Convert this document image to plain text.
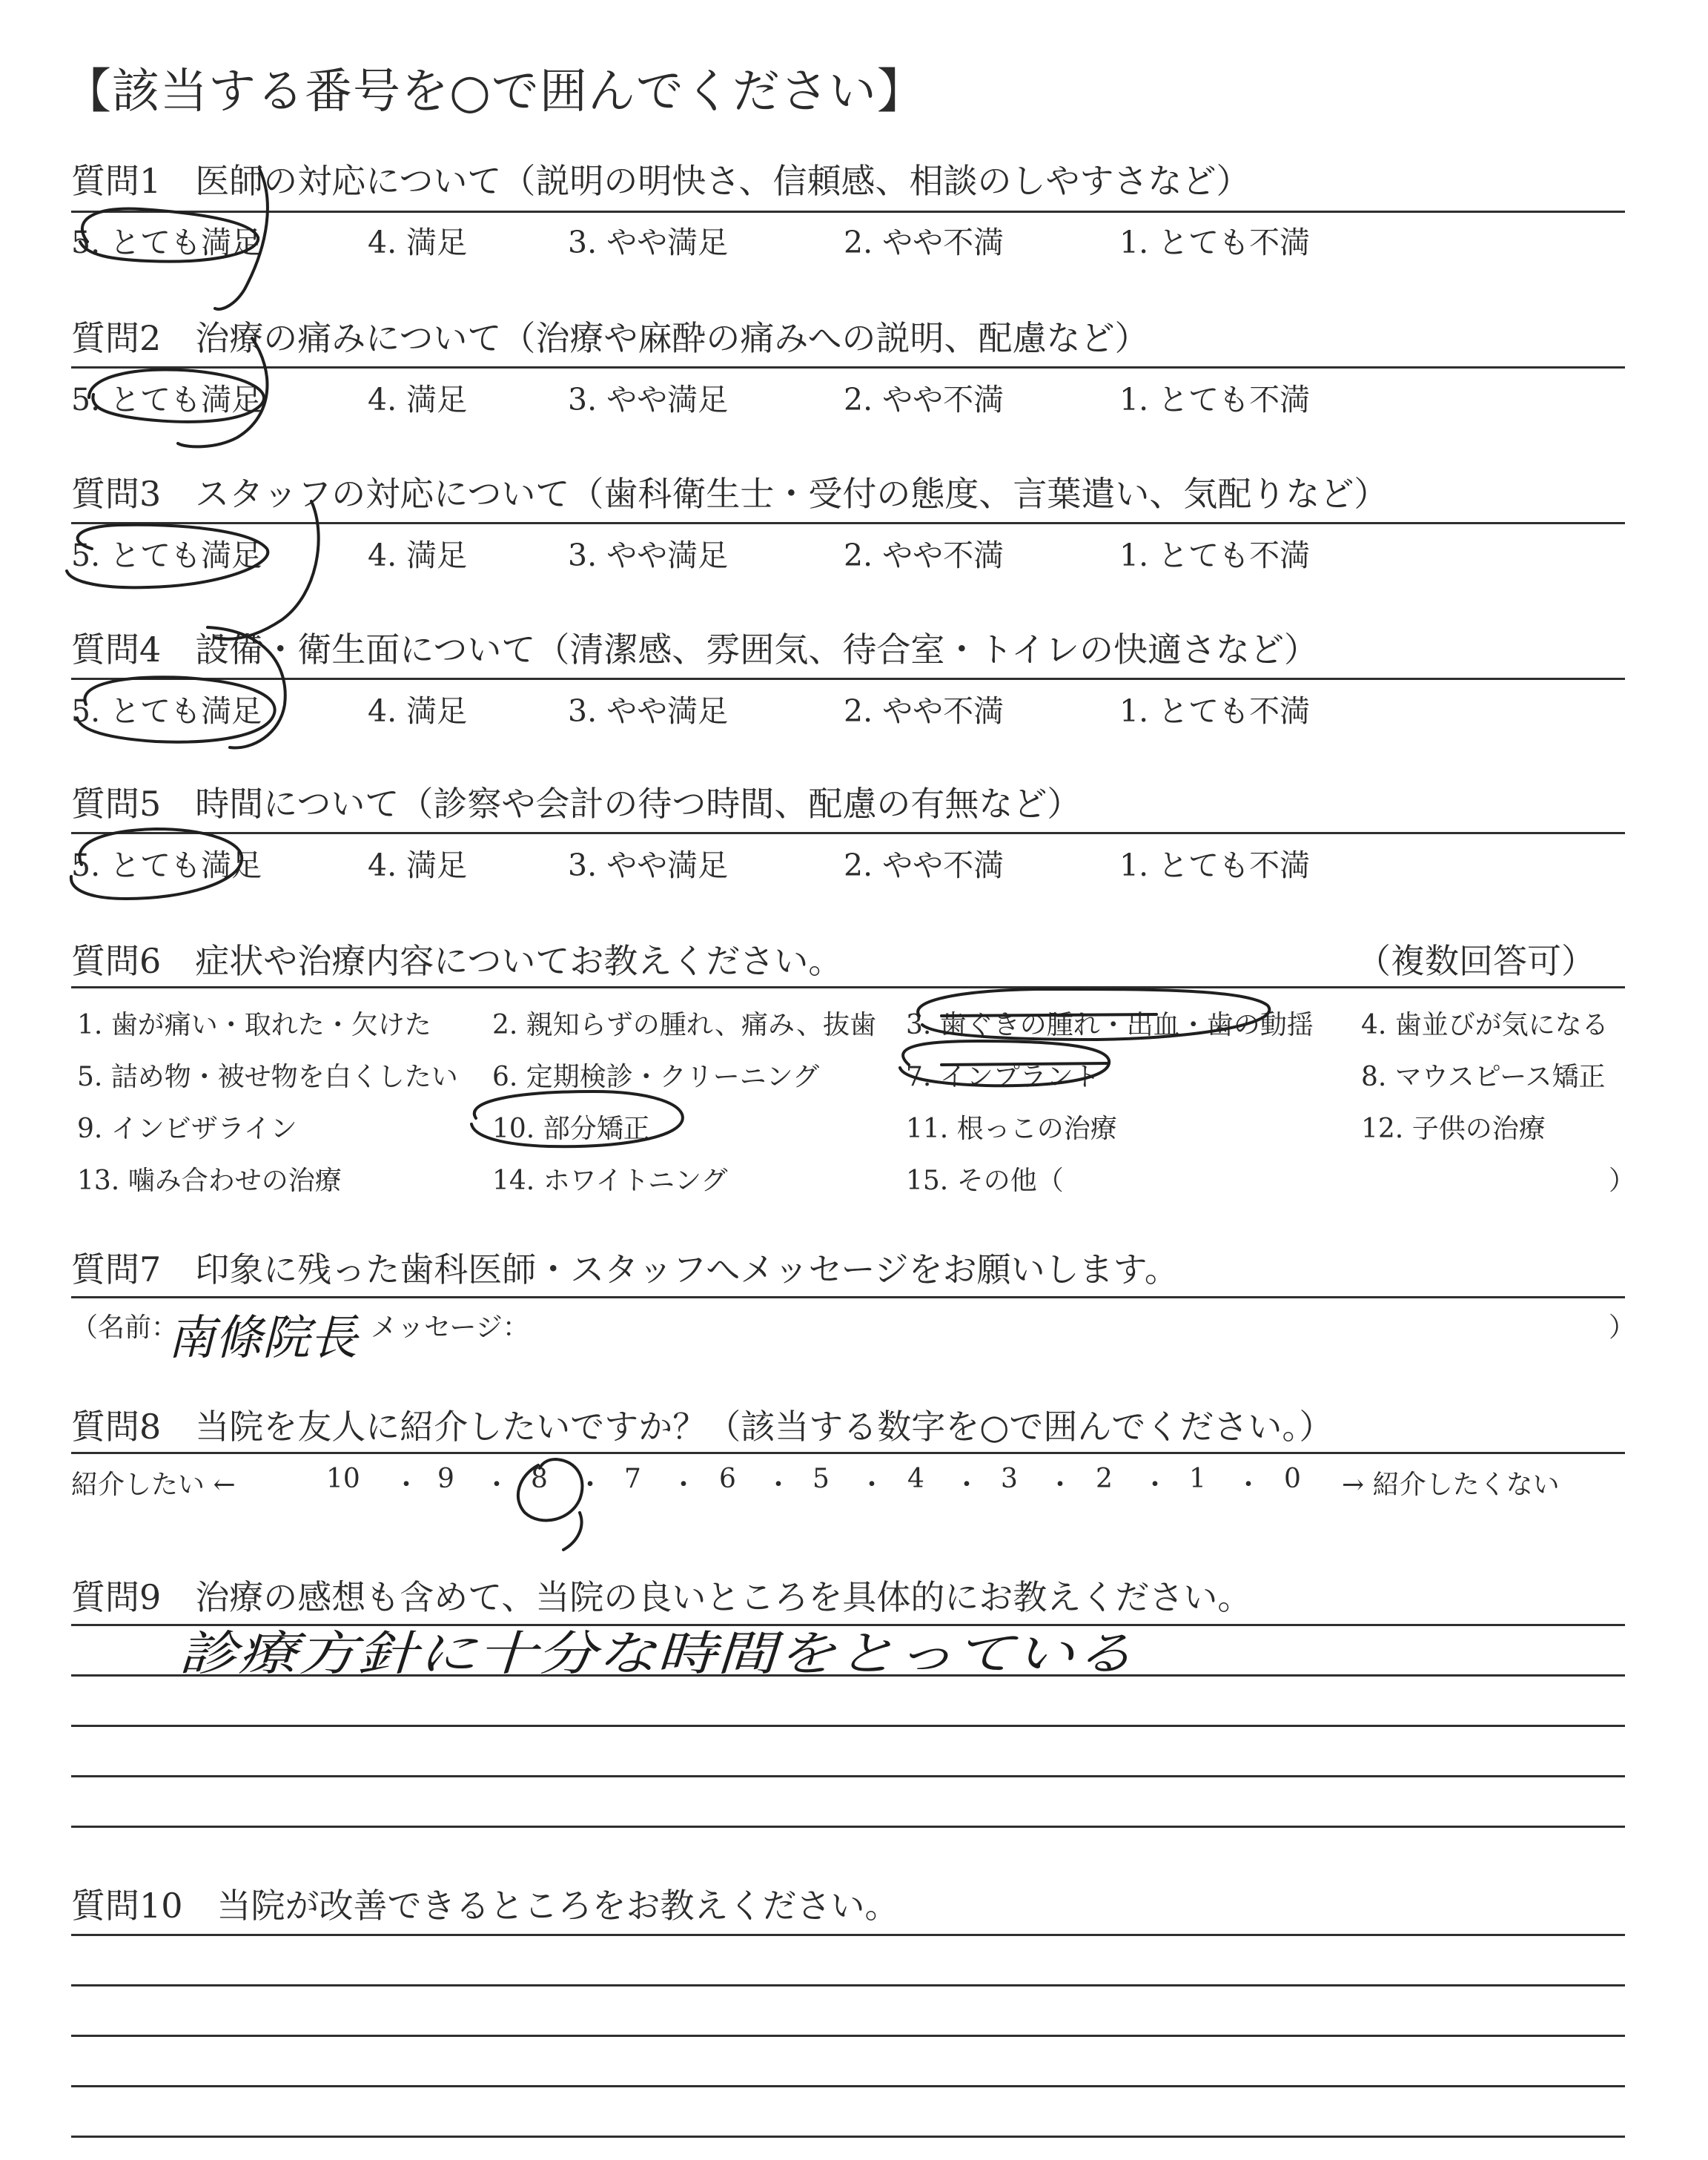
【該当する番号を○で囲んでください】
質問1　 医師の対応について（説明の明快さ、信頼感、相談のしやすさなど）
5. とても満足	4. 満足	3. やや満足	2. やや不満	1. とても不満
質問2　 治療の痛みについて（治療や麻酔の痛みへの説明、配慮など）
5. とても満足	4. 満足	3. やや満足	2. やや不満	1. とても不満
質問3　 スタッフの対応について（歯科衛生士・受付の態度、言葉遣い、気配りなど）
5. とても満足	4. 満足	3. やや満足	2. やや不満	1. とても不満
質問4　 設備・衛生面について（清潔感、雰囲気、待合室・トイレの快適さなど）
5. とても満足	4. 満足	3. やや満足	2. やや不満	1. とても不満
質問5　 時間について（診察や会計の待つ時間、配慮の有無など）
5. とても満足	4. 満足	3. やや満足	2. やや不満	1. とても不満
質問6　 症状や治療内容についてお教えください。	（複数回答可）
1. 歯が痛い・取れた・欠けた 2. 親知らずの腫れ、痛み、抜歯 3. 歯ぐきの腫れ・出血・歯の動揺 4. 歯並びが気になる
5. 詰め物・被せ物を白くしたい 6. 定期検診・クリーニング	7. インプラント	8. マウスピース矯正
9. インビザライン	10. 部分矯正	11. 根っこの治療	12. 子供の治療
13. 噛み合わせの治療	14. ホワイトニング	15. その他（	）
質問7　 印象に残った歯科医師・スタッフへメッセージをお願いします。
（名前：	メッセージ：	）
南條院長
質問8　 当院を友人に紹介したいですか？（該当する数字を○で囲んでください。）
紹介したい ←	→ 紹介したくない
10 ・ 9 ・ 8 ・ 7 ・ 6 ・ 5 ・ 4 ・ 3 ・ 2 ・ 1 ・ 0
質問9　 治療の感想も含めて、当院の良いところを具体的にお教えください。
診療方針に十分な時間をとっている
質問10　 当院が改善できるところをお教えください。
